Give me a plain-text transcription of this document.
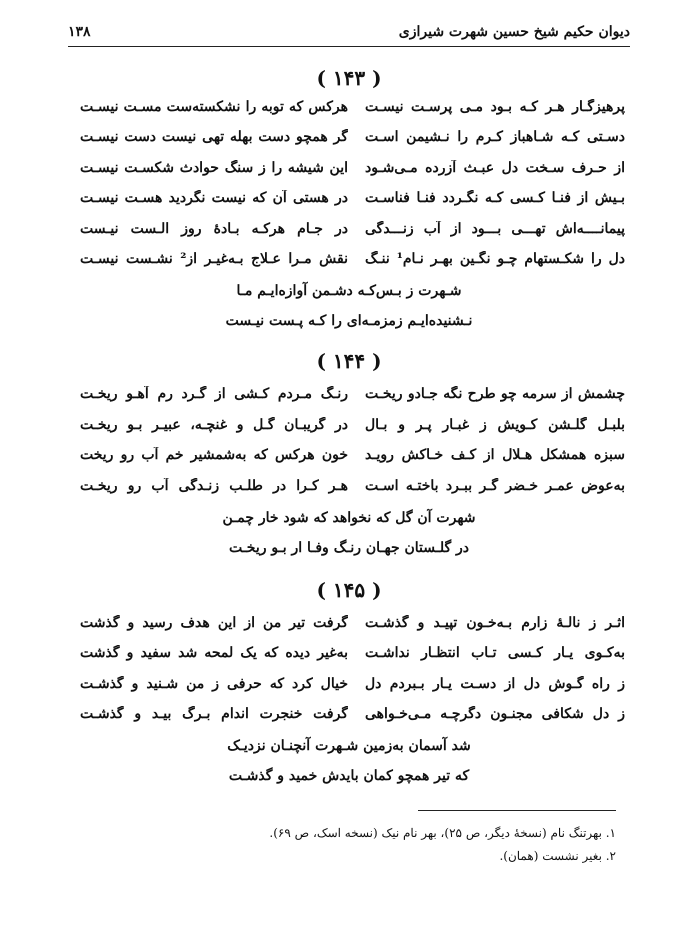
دیوان حکیم شیخ حسین شهرت شیرازی
۱۳۸
( ۱۴۳ )
پرهیزگـار هـر کـه بـود مـی پرسـت نیسـت
هرکس که توبه را نشکسته‌ست مسـت نیسـت
دسـتی کـه شـاهباز کـرم را نـشیمن اسـت
گر همچو دست بهله تهی نیست دست نیسـت
از حـرف سـخت دل عبـث آزرده مـی‌شـود
این شیشه را ز سنگ حوادث شکسـت نیسـت
بـیش از فنـا کـسی کـه نگـردد فنـا فناسـت
در هستی آن که نیست نگردید هسـت نیسـت
پیمانــــه‌اش تهـــی بـــود از آب زنـــدگی
در جـام هرکـه بـادهٔ روز الـست نیـست
دل را شکـستهام چـو نگـین بهـر نـام¹ ننـگ
نقش مـرا عـلاج بـه‌غیـر از² نشـست نیسـت
شـهرت ز بـس‌کـه دشـمن آوازه‌ایـم مـا
نـشنیده‌ایـم زمزمـه‌ای را کـه پـست نیـست
( ۱۴۴ )
چشمش از سرمه چو طرح نگه جـادو ریخـت
رنـگ مـردم کـشی از گـرد رم آهـو ریخـت
بلبـل گلـشن کـویش ز غبـار پـر و بـال
در گریبـان گـل و غنچـه، عبیـر بـو ریخـت
سبزه همشکل هـلال از کـف خـاکش رویـد
خون هرکس که به‌شمشیر خم آب رو ریخت
به‌عوض عمـر خـضر گـر ببـرد باختـه اسـت
هـر کـرا در طلـب زنـدگی آب رو ریخـت
شهرت آن گل که نخواهد که شود خار چمـن
در گلـستان جهـان رنـگ وفـا ار بـو ریخـت
( ۱۴۵ )
اثـر ز نالـهٔ زارم بـه‌خـون تپیـد و گذشـت
گرفت تیر من از این هدف رسید و گذشت
به‌کـوی یـار کـسی تـاب انتظـار نداشـت
به‌غیر دیده که یک لمحه شد سفید و گذشت
ز راه گـوش دل از دسـت یـار بـبردم دل
خیال کرد که حرفی ز من شـنید و گذشـت
ز دل شکافی مجنـون دگرچـه مـی‌خـواهی
گرفت خنجرت اندام بـرگ بیـد و گذشـت
شد آسمان به‌زمین شـهرت آنچنـان نزدیـک
که تیر همچو کمان بایدش خمید و گذشـت
۱. بهرتنگ نام (نسخهٔ دیگر، ص ۲۵)، بهر نام نیک (نسخه اسک، ص ۶۹).
۲. بغیر نشست (همان).
